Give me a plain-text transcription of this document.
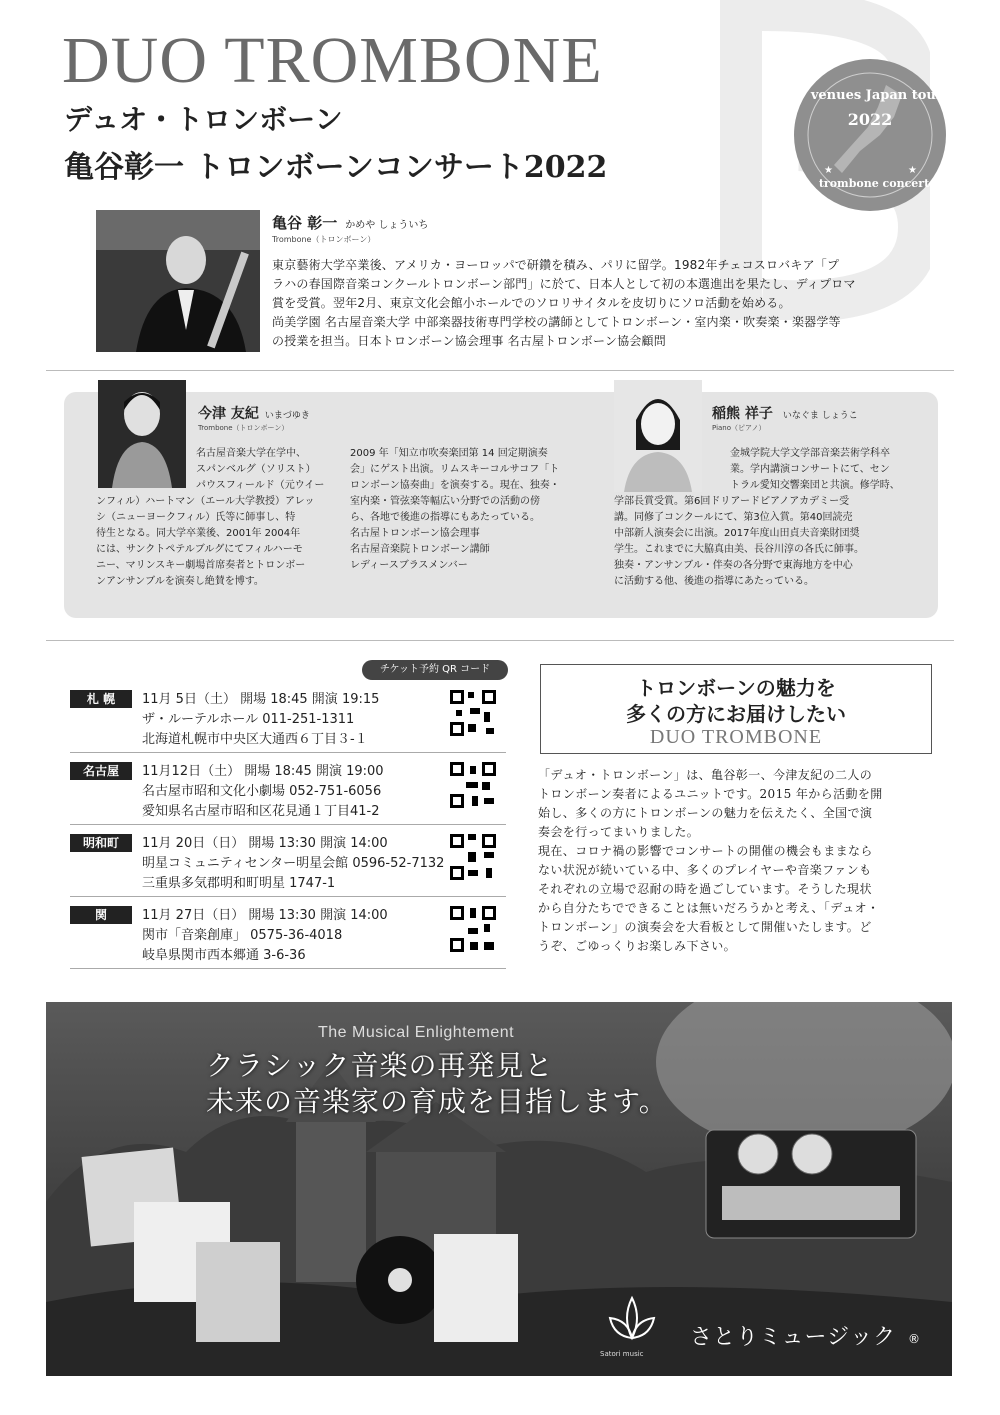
DUO TROMBONE
デュオ・トロンボーン
亀谷彰一 トロンボーンコンサート2022
7 venues Japan tour
2022
trombone concert
★	★
亀谷 彰一 かめや しょういち
Trombone（トロンボーン）
東京藝術大学卒業後、アメリカ・ヨーロッパで研鑽を積み、パリに留学。1982年チェコスロバキア「プ
ラハの春国際音楽コンクールトロンボーン部門」に於て、日本人として初の本選進出を果たし、ディプロマ
賞を受賞。翌年2月、東京文化会館小ホールでのソロリサイタルを皮切りにソロ活動を始める。
尚美学園 名古屋音楽大学 中部楽器技術専門学校の講師としてトロンボーン・室内楽・吹奏楽・楽器学等
の授業を担当。日本トロンボーン協会理事 名古屋トロンボーン協会顧問
今津 友紀 いまづゆき
Trombone（トロンボーン）
名古屋音楽大学在学中、
スパンベルグ（ソリスト）
パウスフィールド（元ウイー
ンフィル）ハートマン（エール大学教授）アレッ
シ（ニューヨークフィル）氏等に師事し、特
待生となる。同大学卒業後、2001年 2004年
には、サンクトペテルブルグにてフィルハーモ
ニー、マリンスキー劇場首席奏者とトロンボー
ンアンサンブルを演奏し絶賛を博す。
2009 年「知立市吹奏楽団第 14 回定期演奏
会」にゲスト出演。リムスキーコルサコフ「ト
ロンボーン協奏曲」を演奏する。現在、独奏・
室内楽・管弦楽等幅広い分野での活動の傍
ら、各地で後進の指導にもあたっている。
名古屋トロンボーン協会理事
名古屋音楽院トロンボーン講師
レディースブラスメンバー
稲熊 祥子 いなぐま しょうこ
Piano（ピアノ）
金城学院大学文学部音楽芸術学科卒
業。学内講演コンサートにて、セン
トラル愛知交響楽団と共演。修学時、
学部長賞受賞。第6回ドリアードピアノアカデミー受
講。同修了コンクールにて、第3位入賞。第40回読売
中部新人演奏会に出演。2017年度山田貞夫音楽財団奨
学生。これまでに大脇真由美、長谷川淳の各氏に師事。
独奏・アンサンブル・伴奏の各分野で東海地方を中心
に活動する他、後進の指導にあたっている。
チケット予約 QR コード
札 幌	11月 5日（土） 開場 18:45 開演 19:15
ザ・ルーテルホール 011-251-1311
北海道札幌市中央区大通西６丁目３-１
名古屋	11月12日（土） 開場 18:45 開演 19:00
名古屋市昭和文化小劇場 052-751-6056
愛知県名古屋市昭和区花見通１丁目41-2
明和町	11月 20日（日） 開場 13:30 開演 14:00
明星コミュニティセンター明星会館 0596-52-7132
三重県多気郡明和町明星 1747-1
関	11月 27日（日） 開場 13:30 開演 14:00
関市「音楽創庫」 0575-36-4018
岐阜県関市西本郷通 3-6-36
トロンボーンの魅力を
多くの方にお届けしたい
DUO TROMBONE
「デュオ・トロンボーン」は、亀谷彰一、今津友紀の二人の
トロンボーン奏者によるユニットです。2015 年から活動を開
始し、多くの方にトロンボーンの魅力を伝えたく、全国で演
奏会を行ってまいりました。
現在、コロナ禍の影響でコンサートの開催の機会もままなら
ない状況が続いている中、多くのプレイヤーや音楽ファンも
それぞれの立場で忍耐の時を過ごしています。そうした現状
から自分たちでできることは無いだろうかと考え、「デュオ・
トロンボーン」の演奏会を大看板として開催いたします。ど
うぞ、ごゆっくりお楽しみ下さい。
The Musical Enlightement
クラシック音楽の再発見と
未来の音楽家の育成を目指します。
さとりミュージック
Satori music
®
